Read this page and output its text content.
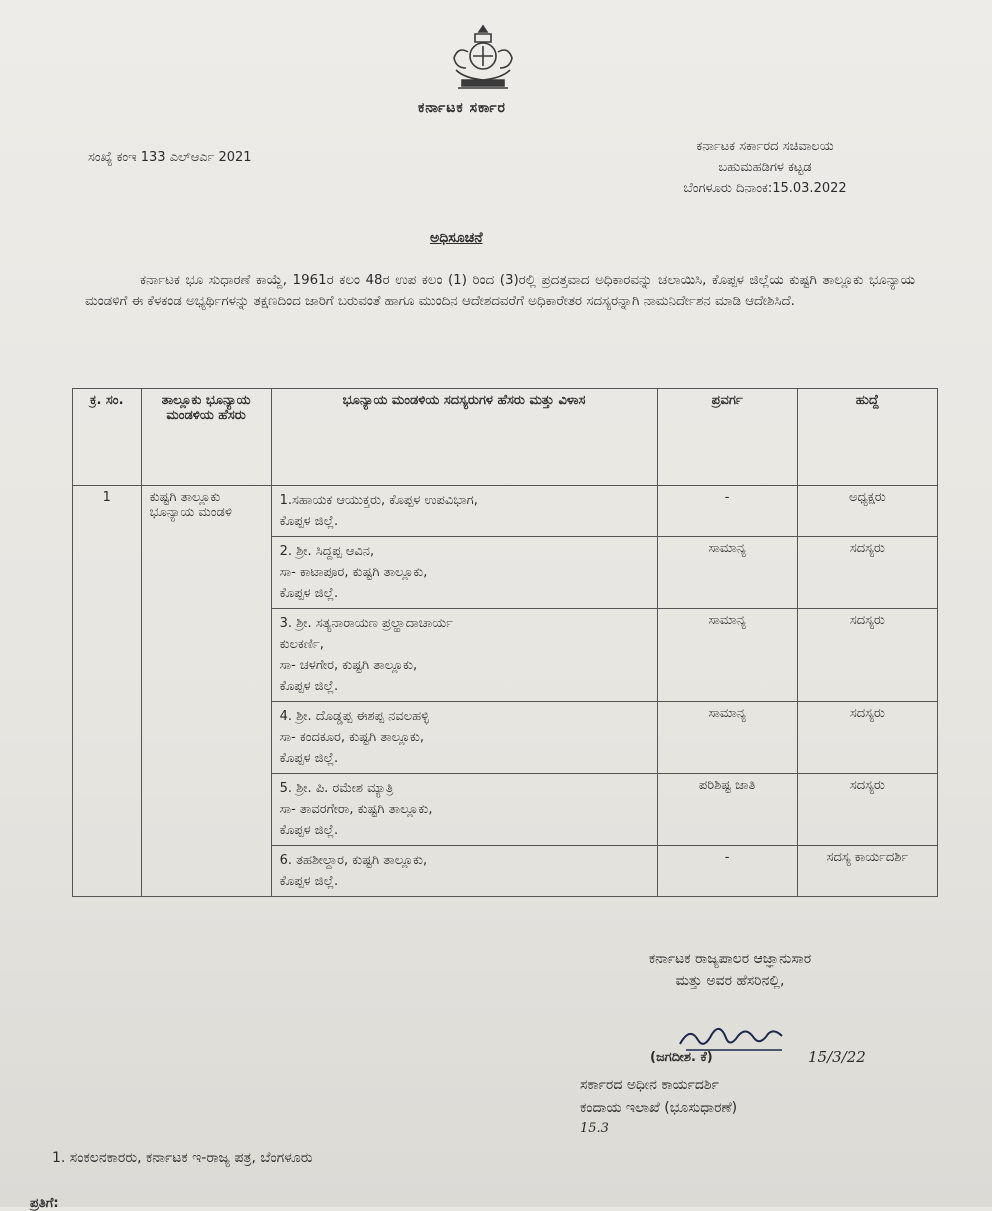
ಕರ್ನಾಟಕ ಸರ್ಕಾರ
ಸಂಖ್ಯೆ ಕಂಇ 133 ಎಲ್ಆರ್ಎ 2021
ಕರ್ನಾಟಕ ಸರ್ಕಾರದ ಸಚಿವಾಲಯ
ಬಹುಮಹಡಿಗಳ ಕಟ್ಟಡ
ಬೆಂಗಳೂರು ದಿನಾಂಕ:15.03.2022
ಅಧಿಸೂಚನೆ
ಕರ್ನಾಟಕ ಭೂ ಸುಧಾರಣೆ ಕಾಯ್ದೆ, 1961ರ ಕಲಂ 48ರ ಉಪ ಕಲಂ (1) ರಿಂದ (3)ರಲ್ಲಿ ಪ್ರದತ್ತವಾದ ಅಧಿಕಾರವನ್ನು ಚಲಾಯಿಸಿ, ಕೊಪ್ಪಳ ಜಿಲ್ಲೆಯ ಕುಷ್ಟಗಿ ತಾಲ್ಲೂಕು ಭೂನ್ಯಾಯ ಮಂಡಳಿಗೆ ಈ ಕೆಳಕಂಡ ಅಭ್ಯರ್ಥಿಗಳನ್ನು ತಕ್ಷಣದಿಂದ ಜಾರಿಗೆ ಬರುವಂತೆ ಹಾಗೂ ಮುಂದಿನ ಆದೇಶದವರೆಗೆ ಅಧಿಕಾರೇತರ ಸದಸ್ಯರನ್ನಾಗಿ ನಾಮನಿರ್ದೇಶನ ಮಾಡಿ ಆದೇಶಿಸಿದೆ.
ಕ್ರ. ಸಂ.	ತಾಲ್ಲೂಕು ಭೂನ್ಯಾಯ ಮಂಡಳಿಯ ಹೆಸರು	ಭೂನ್ಯಾಯ ಮಂಡಳಿಯ ಸದಸ್ಯರುಗಳ ಹೆಸರು ಮತ್ತು ವಿಳಾಸ	ಪ್ರವರ್ಗ	ಹುದ್ದೆ
1	ಕುಷ್ಟಗಿ ತಾಲ್ಲೂಕು ಭೂನ್ಯಾಯ ಮಂಡಳಿ	1.ಸಹಾಯಕ ಆಯುಕ್ತರು, ಕೊಪ್ಪಳ ಉಪವಿಭಾಗ,
ಕೊಪ್ಪಳ ಜಿಲ್ಲೆ.	-	ಅಧ್ಯಕ್ಷರು

		2. ಶ್ರೀ. ಸಿದ್ದಪ್ಪ ಆವಿನ,
ಸಾ- ಕಾಟಾಪೂರ, ಕುಷ್ಟಗಿ ತಾಲ್ಲೂಕು,
ಕೊಪ್ಪಳ ಜಿಲ್ಲೆ.	ಸಾಮಾನ್ಯ	ಸದಸ್ಯರು

		3. ಶ್ರೀ. ಸತ್ಯನಾರಾಯಣ ಪ್ರಲ್ಹಾದಾಚಾರ್ಯ
ಕುಲಕರ್ಣಿ,
ಸಾ- ಚಳಗೇರ, ಕುಷ್ಟಗಿ ತಾಲ್ಲೂಕು,
ಕೊಪ್ಪಳ ಜಿಲ್ಲೆ.	ಸಾಮಾನ್ಯ	ಸದಸ್ಯರು

		4. ಶ್ರೀ. ದೊಡ್ಡಪ್ಪ ಈಶಪ್ಪ ನವಲಹಳ್ಳಿ
ಸಾ- ಕಂದಕೂರ, ಕುಷ್ಟಗಿ ತಾಲ್ಲೂಕು,
ಕೊಪ್ಪಳ ಜಿಲ್ಲೆ.	ಸಾಮಾನ್ಯ	ಸದಸ್ಯರು

		5. ಶ್ರೀ. ಪಿ. ರಮೇಶ ಮ್ಯಾತ್ರಿ
ಸಾ- ತಾವರಗೇರಾ, ಕುಷ್ಟಗಿ ತಾಲ್ಲೂಕು,
ಕೊಪ್ಪಳ ಜಿಲ್ಲೆ.	ಪರಿಶಿಷ್ಟ ಜಾತಿ	ಸದಸ್ಯರು

		6. ತಹಶೀಲ್ದಾರ, ಕುಷ್ಟಗಿ ತಾಲ್ಲೂಕು,
ಕೊಪ್ಪಳ ಜಿಲ್ಲೆ.	-	ಸದಸ್ಯ ಕಾರ್ಯದರ್ಶಿ
ಕರ್ನಾಟಕ ರಾಜ್ಯಪಾಲರ ಆಜ್ಞಾನುಸಾರ
ಮತ್ತು ಅವರ ಹೆಸರಿನಲ್ಲಿ,
(ಜಗದೀಶ. ಕೆ)	15/3/22
ಸರ್ಕಾರದ ಅಧೀನ ಕಾರ್ಯದರ್ಶಿ
ಕಂದಾಯ ಇಲಾಖೆ (ಭೂಸುಧಾರಣೆ)
15.3
1. ಸಂಕಲನಕಾರರು, ಕರ್ನಾಟಕ ಇ-ರಾಜ್ಯ ಪತ್ರ, ಬೆಂಗಳೂರು
ಪ್ರತಿಗೆ:
